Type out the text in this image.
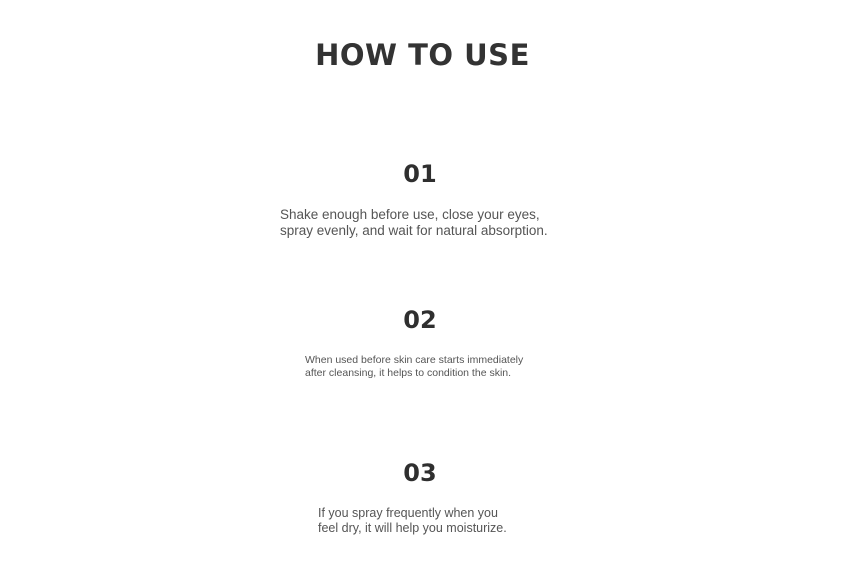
HOW TO USE
01
Shake enough before use, close your eyes,
spray evenly, and wait for natural absorption.
02
When used before skin care starts immediately
after cleansing, it helps to condition the skin.
03
If you spray frequently when you
feel dry, it will help you moisturize.
